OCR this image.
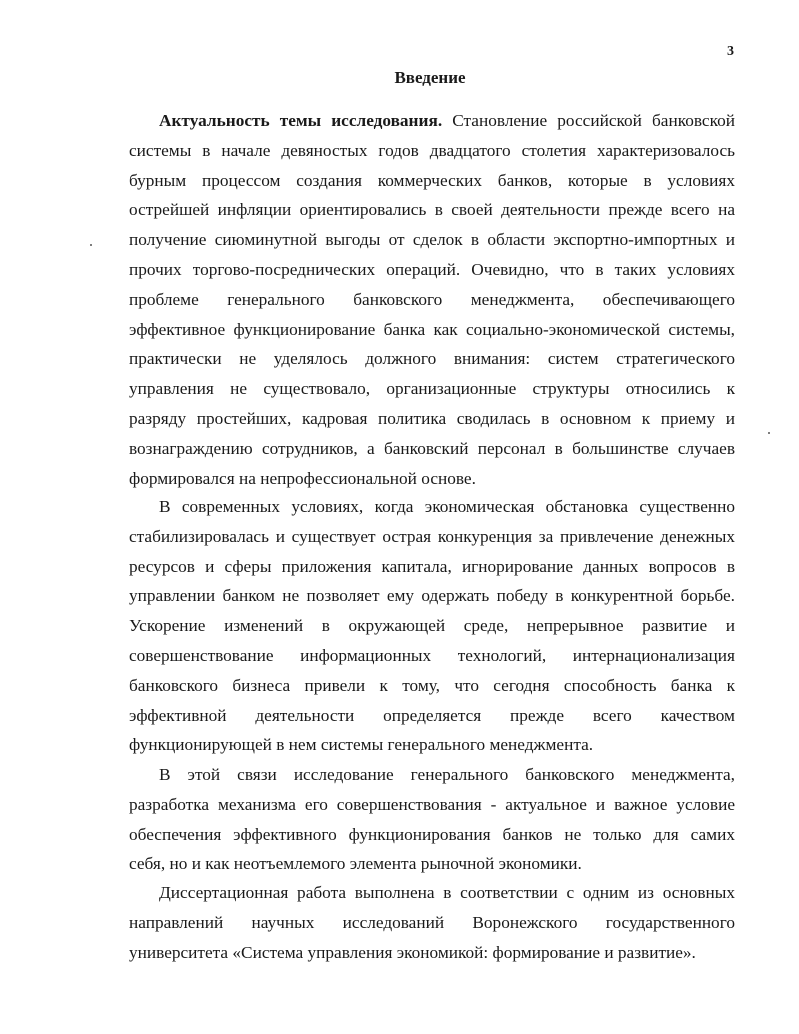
3
Введение
Актуальность темы исследования. Становление российской банковской
системы в начале девяностых годов двадцатого столетия характеризовалось
бурным процессом создания коммерческих банков, которые в условиях
острейшей инфляции ориентировались в своей деятельности прежде всего на
получение сиюминутной выгоды от сделок в области экспортно-импортных и
прочих торгово-посреднических операций. Очевидно, что в таких условиях
проблеме генерального банковского менеджмента, обеспечивающего
эффективное функционирование банка как социально-экономической системы,
практически не уделялось должного внимания: систем стратегического
управления не существовало, организационные структуры относились к
разряду простейших, кадровая политика сводилась в основном к приему и
вознаграждению сотрудников, а банковский персонал в большинстве случаев
формировался на непрофессиональной основе.
В современных условиях, когда экономическая обстановка существенно
стабилизировалась и существует острая конкуренция за привлечение денежных
ресурсов и сферы приложения капитала, игнорирование данных вопросов в
управлении банком не позволяет ему одержать победу в конкурентной борьбе.
Ускорение изменений в окружающей среде, непрерывное развитие и
совершенствование информационных технологий, интернационализация
банковского бизнеса привели к тому, что сегодня способность банка к
эффективной деятельности определяется прежде всего качеством
функционирующей в нем системы генерального менеджмента.
В этой связи исследование генерального банковского менеджмента,
разработка механизма его совершенствования - актуальное и важное условие
обеспечения эффективного функционирования банков не только для самих
себя, но и как неотъемлемого элемента рыночной экономики.
Диссертационная работа выполнена в соответствии с одним из основных
направлений научных исследований Воронежского государственного
университета «Система управления экономикой: формирование и развитие».
